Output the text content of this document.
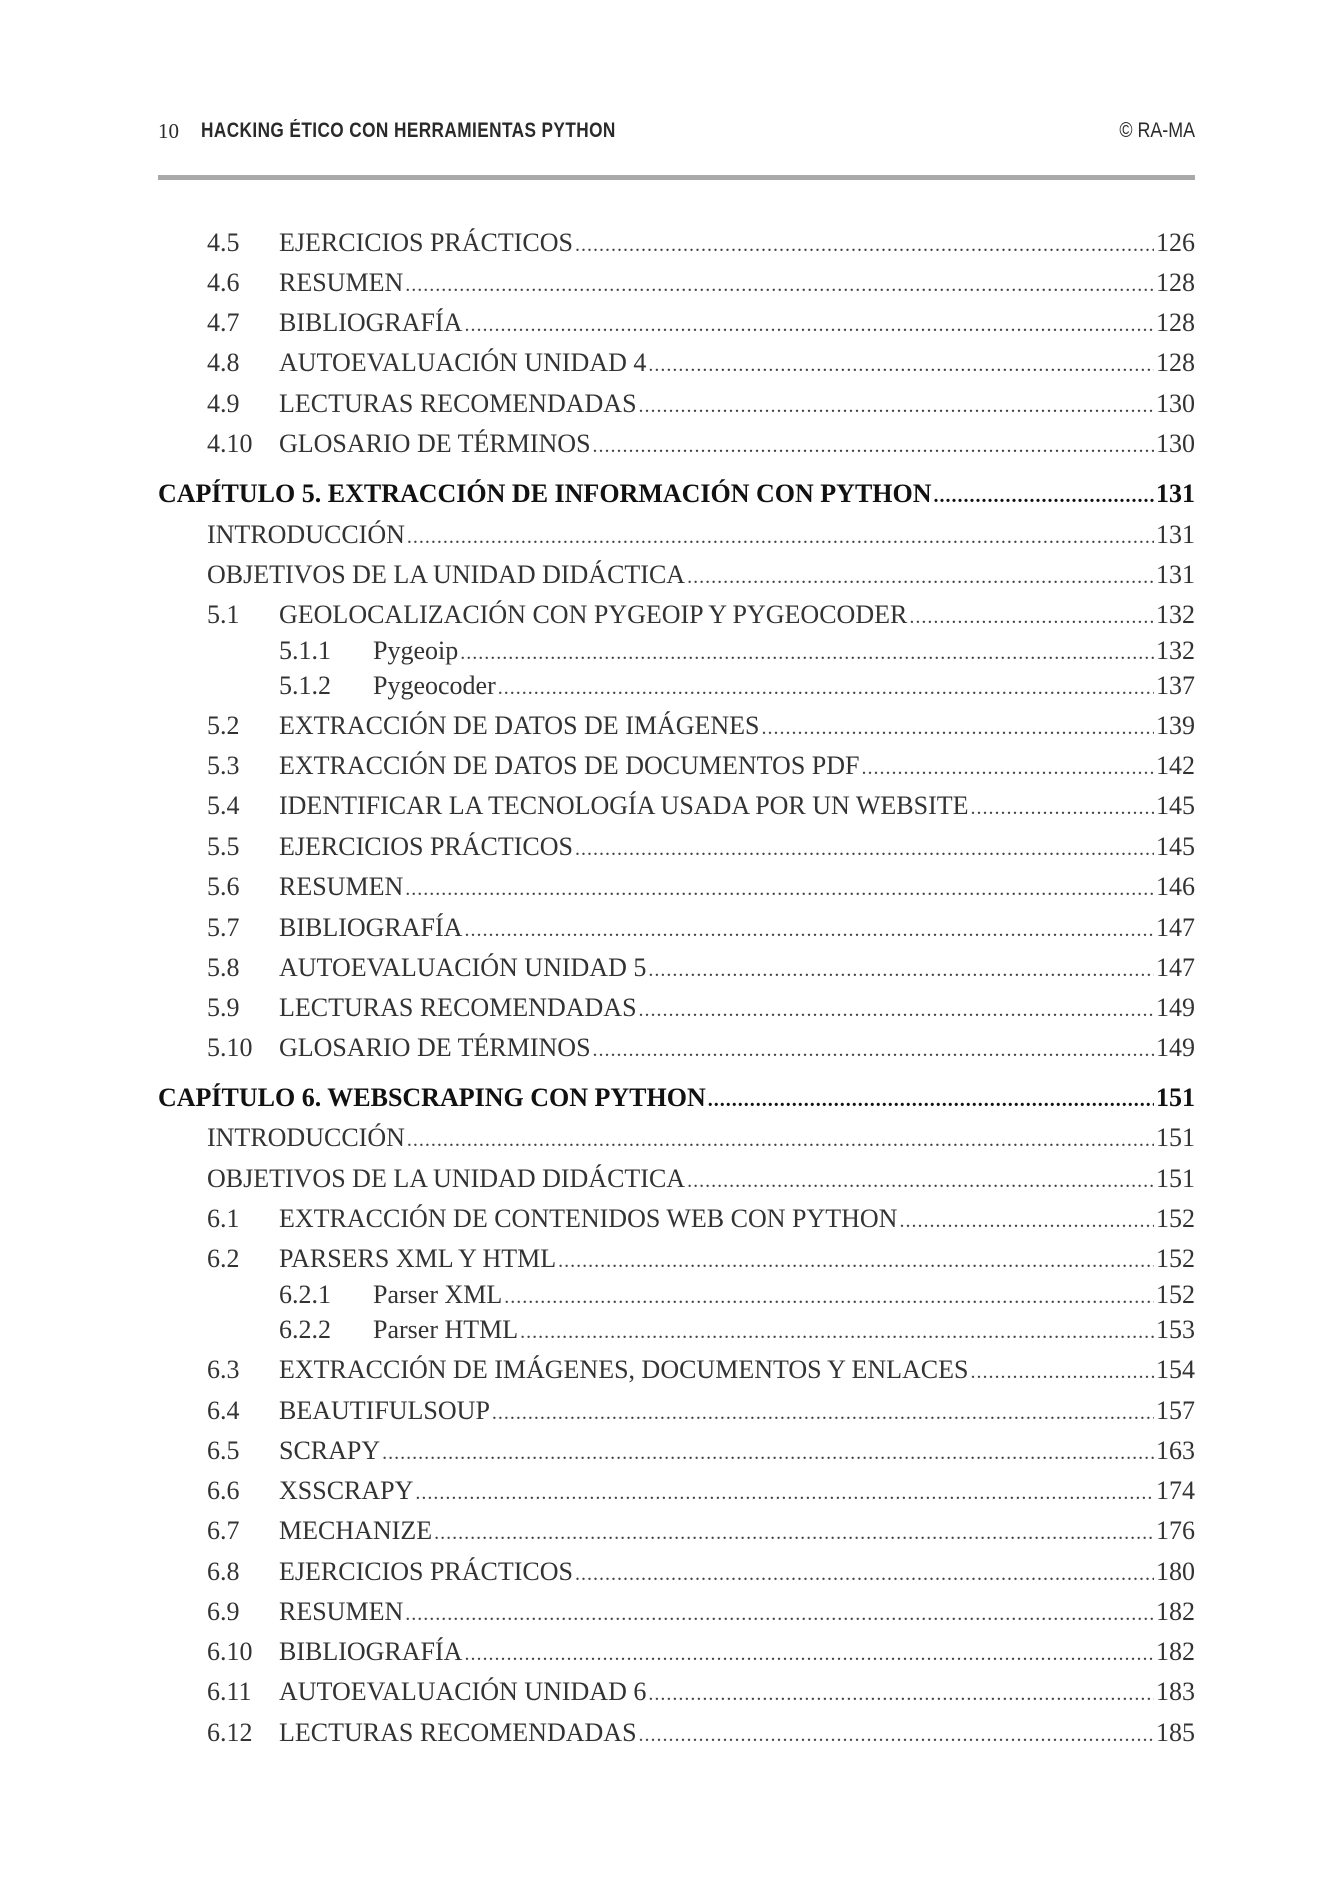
10 HACKING ÉTICO CON HERRAMIENTAS PYTHON	© RA-MA
4.5	EJERCICIOS PRÁCTICOS .....	126
4.6	RESUMEN .....	128
4.7	BIBLIOGRAFÍA .....	128
4.8	AUTOEVALUACIÓN UNIDAD 4 .....	128
4.9	LECTURAS RECOMENDADAS .....	130
4.10	GLOSARIO DE TÉRMINOS .....	130
CAPÍTULO 5. EXTRACCIÓN DE INFORMACIÓN CON PYTHON .....	131
INTRODUCCIÓN .....	131
OBJETIVOS DE LA UNIDAD DIDÁCTICA .....	131
5.1	GEOLOCALIZACIÓN CON PYGEOIP Y PYGEOCODER .....	132
5.1.1	Pygeoip .....	132
5.1.2	Pygeocoder .....	137
5.2	EXTRACCIÓN DE DATOS DE IMÁGENES .....	139
5.3	EXTRACCIÓN DE DATOS DE DOCUMENTOS PDF .....	142
5.4	IDENTIFICAR LA TECNOLOGÍA USADA POR UN WEBSITE .....	145
5.5	EJERCICIOS PRÁCTICOS .....	145
5.6	RESUMEN .....	146
5.7	BIBLIOGRAFÍA .....	147
5.8	AUTOEVALUACIÓN UNIDAD 5 .....	147
5.9	LECTURAS RECOMENDADAS .....	149
5.10	GLOSARIO DE TÉRMINOS .....	149
CAPÍTULO 6. WEBSCRAPING CON PYTHON .....	151
INTRODUCCIÓN .....	151
OBJETIVOS DE LA UNIDAD DIDÁCTICA .....	151
6.1	EXTRACCIÓN DE CONTENIDOS WEB CON PYTHON .....	152
6.2	PARSERS XML Y HTML .....	152
6.2.1	Parser XML .....	152
6.2.2	Parser HTML .....	153
6.3	EXTRACCIÓN DE IMÁGENES, DOCUMENTOS Y ENLACES .....	154
6.4	BEAUTIFULSOUP .....	157
6.5	SCRAPY .....	163
6.6	XSSCRAPY .....	174
6.7	MECHANIZE .....	176
6.8	EJERCICIOS PRÁCTICOS .....	180
6.9	RESUMEN .....	182
6.10	BIBLIOGRAFÍA .....	182
6.11	AUTOEVALUACIÓN UNIDAD 6 .....	183
6.12	LECTURAS RECOMENDADAS .....	185
